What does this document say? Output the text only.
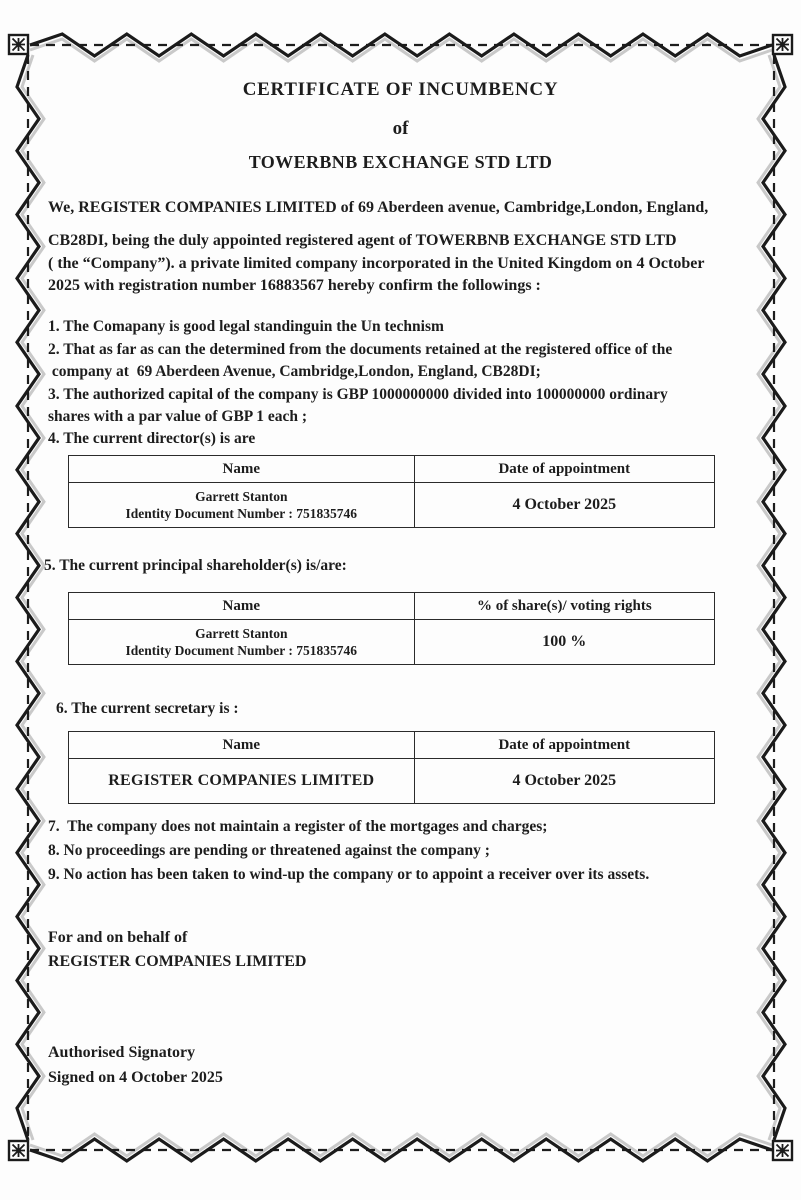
CERTIFICATE OF INCUMBENCY
of
TOWERBNB EXCHANGE STD LTD
We, REGISTER COMPANIES LIMITED of 69 Aberdeen avenue, Cambridge,London, England,
CB28DI, being the duly appointed registered agent of TOWERBNB EXCHANGE STD LTD
( the “Company”). a private limited company incorporated in the United Kingdom on 4 October
2025 with registration number 16883567 hereby confirm the followings :
1. The Comapany is good legal standinguin the Un technism
2. That as far as can the determined from the documents retained at the registered office of the
company at  69 Aberdeen Avenue, Cambridge,London, England, CB28DI;
3. The authorized capital of the company is GBP 1000000000 divided into 100000000 ordinary
shares with a par value of GBP 1 each ;
4. The current director(s) is are
Name	Date of appointment

Garrett Stanton
Identity Document Number : 751835746	4 October 2025
5. The current principal shareholder(s) is/are:
Name	% of share(s)/ voting rights

Garrett Stanton
Identity Document Number : 751835746	100 %
6. The current secretary is :
Name	Date of appointment
REGISTER COMPANIES LIMITED	4 October 2025
7.  The company does not maintain a register of the mortgages and charges;
8. No proceedings are pending or threatened against the company ;
9. No action has been taken to wind-up the company or to appoint a receiver over its assets.
For and on behalf of
REGISTER COMPANIES LIMITED
Authorised Signatory
Signed on 4 October 2025
